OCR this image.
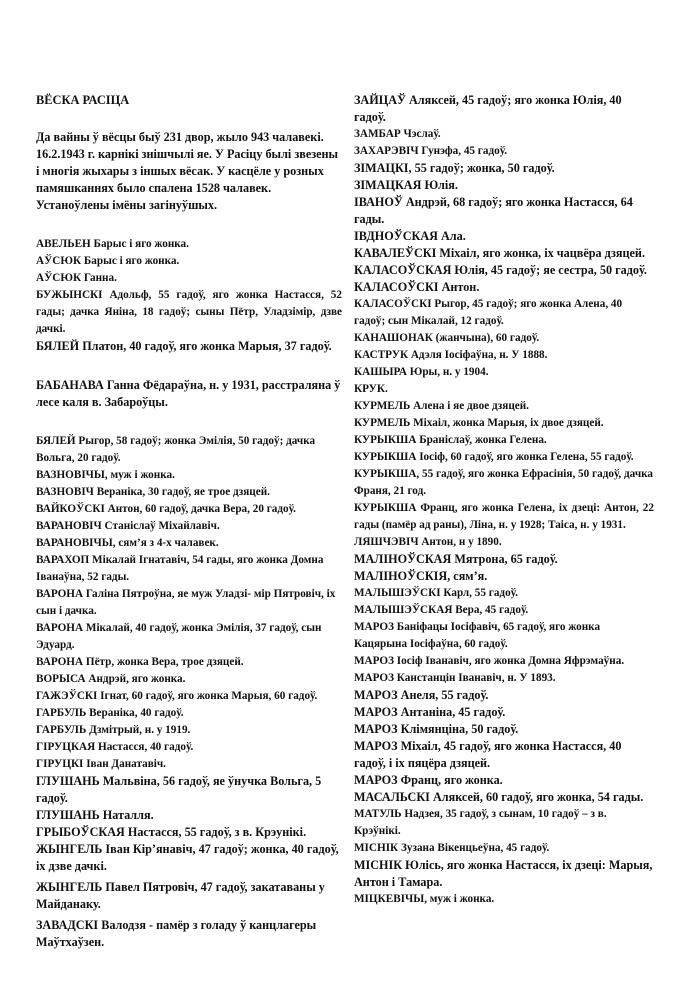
ВЁСКА РАСІЦА

Да вайны ў вёсцы быў 231 двор, жыло 943 чалавекі. 16.2.1943 г. карнікі знішчылі яе. У Расіцу былі звезены і многія жыхары з іншых вёсак. У касцёле у розных памяшканнях было спалена 1528 чалавек. Устаноўлены імёны загінуўшых.

АВЕЛЬЕН Барыс і яго жонка.

АЎСЮК Барыс і яго жонка.

АЎСЮК Ганна.

БУЖЫНСКІ Адольф, 55 гадоў, яго жонка Настасся, 52 гады; дачка Яніна, 18 гадоў; сыны Пётр, Уладзімір, дзве дачкі.

БЯЛЕЙ Платон, 40 гадоў, яго жонка Марыя, 37 гадоў.

БАБАНАВА Ганна Фёдараўна, н. у 1931, расстраляна ў лесе каля в. Забароўцы.

БЯЛЕЙ Рыгор, 58 гадоў; жонка Эмілія, 50 гадоў; дачка Вольга, 20 гадоў.

ВАЗНОВІЧЫ, муж і жонка.

ВАЗНОВІЧ Веранiка, 30 гадоў, яе трое дзяцей.

ВАЙКОЎСКІ Антон, 60 гадоў, дачка Вера, 20 гадоў.

ВАРАНОВІЧ Станіслаў Міхайлавіч.

ВАРАНОВІЧЫ, сям’я з 4-х чалавек.

ВАРАХОП Мікалай Ігнатавіч, 54 гады, яго жонка Домна Іванаўна, 52 гады.

ВАРОНА Галіна Пятроўна, яе муж Уладзі- мір Пятровіч, іх сын і дачка.

ВАРОНА Мікалай, 40 гадоў, жонка Эмілія, 37 гадоў, сын Эдуард.

ВАРОНА Пётр, жонка Вера, трое дзяцей.

ВОРЫСА Андрэй, яго жонка.

ГАЖЭЎСКІ Ігнат, 60 гадоў, яго жонка Марыя, 60 гадоў.

ГАРБУЛЬ Веранiка, 40 гадоў.

ГАРБУЛЬ Дзмітрый, н. у 1919.

ГІРУЦКАЯ Настасся, 40 гадоў.

ГІРУЦКІ Іван Данатавіч.

ГЛУШАНЬ Мальвіна, 56 гадоў, яе ўнучка Вольга, 5 гадоў.

ГЛУШАНЬ Наталля.

ГРЫБОЎСКАЯ Настасся, 55 гадоў, з в. Крэунікі.

ЖЫНГЕЛЬ Іван Кір’янавіч, 47 гадоў; жонка, 40 гадоў, іх дзве дачкі.

ЖЫНГЕЛЬ Павел Пятровіч, 47 гадоў, закатаваны у Майданаку.

ЗАВАДСКІ Валодзя - памёр з голаду ў канцлагеры Маўтхаўзен.

ЗАЙЦАЎ Аляксей, 45 гадоў; яго жонка Юлія, 40 гадоў.

ЗАМБАР Чэслаў.

ЗАХАРЭВІЧ Гунэфа, 45 гадоў.

ЗІМАЦКІ, 55 гадоў; жонка, 50 гадоў.

ЗІМАЦКАЯ Юлія.

ІВАНОЎ Андрэй, 68 гадоў; яго жонка Настасся, 64 гады.

ІВДНОЎСКАЯ Ала.

КАВАЛЕЎСКІ Міхаіл, яго жонка, іх чацвёра дзяцей.

КАЛАСОЎСКАЯ Юлія, 45 гадоў; яе сестра, 50 гадоў.

КАЛАСОЎСКІ Антон.

КАЛАСОЎСКІ Рыгор, 45 гадоў; яго жонка Алена, 40 гадоў; сын Мікалай, 12 гадоў.

КАНАШОНАК (жанчына), 60 гадоў.

КАСТРУК Адэля Іосіфаўна, н. У 1888.

КАШЫРА Юры, н. у 1904.

КРУК.

КУРМЕЛЬ Алена і яе двое дзяцей.

КУРМЕЛЬ Міхаіл, жонка Марыя, іх двое дзяцей.

КУРЫКША Браніслаў, жонка Гелена.

КУРЫКША Іосіф, 60 гадоў, яго жонка Гелена, 55 гадоў.

КУРЫКША, 55 гадоў, яго жонка Ефрасінія, 50 гадоў, дачка Франя, 21 год.

КУРЫКША Франц, яго жонка Гелена, іх дзеці: Антон, 22 гады (памёр ад раны), Ліна, н. у 1928; Таіса, н. у 1931.

ЛЯШЧЭВІЧ Антон, н у 1890.

МАЛІНОЎСКАЯ Мятрона, 65 гадоў.

МАЛІНОЎСКІЯ, сям’я.

МАЛЫШЭЎСКІ Карл, 55 гадоў.

МАЛЫШЭЎСКАЯ Вера, 45 гадоў.

МАРОЗ Баніфацы Іосіфавіч, 65 гадоў, яго жонка Кацярына Іосіфаўна, 60 гадоў.

МАРОЗ Іосіф Іванавіч, яго жонка Домна Яфрэмаўна.

МАРОЗ Канстанцін Іванавіч, н. У 1893.

МАРОЗ Анеля, 55 гадоў.

МАРОЗ Антаніна, 45 гадоў.

МАРОЗ Клімянціна, 50 гадоў.

МАРОЗ Міхаіл, 45 гадоў, яго жонка Настасся, 40 гадоў, і іх пяцёра дзяцей.

МАРОЗ Франц, яго жонка.

МАСАЛЬСКІ Аляксей, 60 гадоў, яго жонка, 54 гады.

МАТУЛЬ Надзея, 35 гадоў, з сынам, 10 гадоў – з в. Крэўнікі.

МІСНІК Зузана Вікенцьеўна, 45 гадоў.

МІСНІК Юлісь, яго жонка Настасся, іх дзеці: Марыя, Антон і Тамара.

МІЦКЕВІЧЫ, муж і жонка.
